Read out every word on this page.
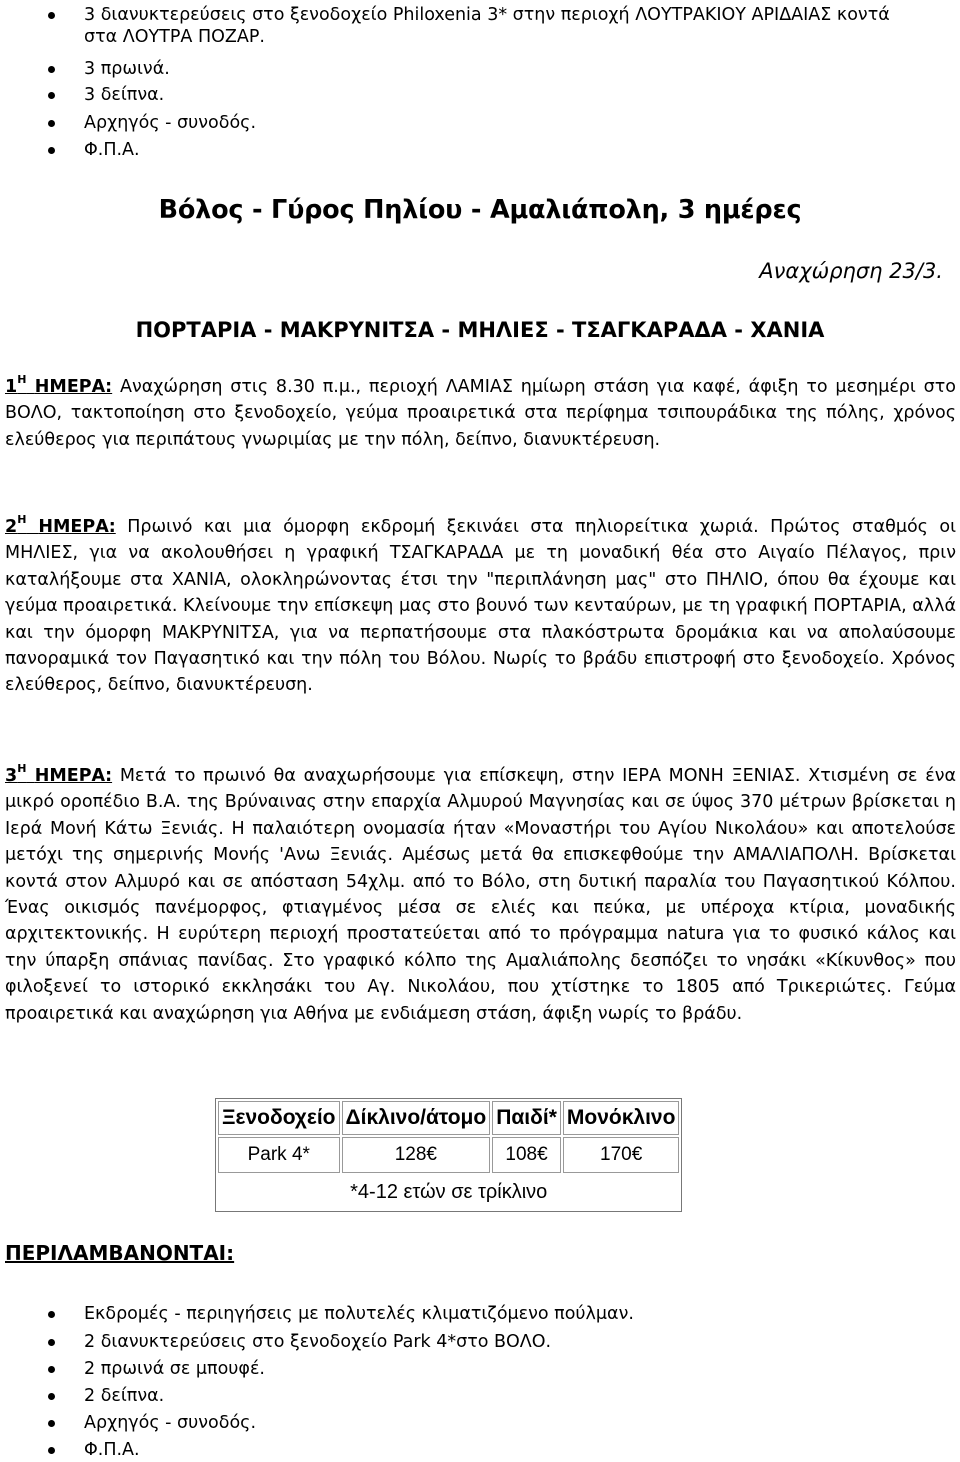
3 διανυκτερεύσεις στο ξενοδοχείο Philoxenia 3* στην περιοχή ΛΟΥΤΡΑΚΙΟΥ ΑΡΙΔΑΙΑΣ κοντά
στα ΛΟΥΤΡΑ ΠΟΖΑΡ.
3 πρωινά.
3 δείπνα.
Αρχηγός - συνοδός.
Φ.Π.Α.
Βόλος - Γύρος Πηλίου - Αμαλιάπολη, 3 ημέρες
Αναχώρηση 23/3.
ΠΟΡΤΑΡΙΑ - ΜΑΚΡΥΝΙΤΣΑ - ΜΗΛΙΕΣ - ΤΣΑΓΚΑΡΑΔΑ - ΧΑΝΙΑ
$1^H$ ΗΜΕΡΑ: Αναχώρηση στις 8.30 π.μ., περιοχή ΛΑΜΙΑΣ ημίωρη στάση για καφέ, άφιξη το μεσημέρι στο ΒΟΛΟ, τακτοποίηση στο ξενοδοχείο, γεύμα προαιρετικά στα περίφημα τσιπουράδικα της πόλης, χρόνος ελεύθερος για περιπάτους γνωριμίας με την πόλη, δείπνο, διανυκτέρευση.
$2^H$ ΗΜΕΡΑ: Πρωινό και μια όμορφη εκδρομή ξεκινάει στα πηλιορείτικα χωριά. Πρώτος σταθμός οι ΜΗΛΙΕΣ, για να ακολουθήσει η γραφική ΤΣΑΓΚΑΡΑΔΑ με τη μοναδική θέα στο Αιγαίο Πέλαγος, πριν καταλήξουμε στα ΧΑΝΙΑ, ολοκληρώνοντας έτσι την "περιπλάνηση μας" στο ΠΗΛΙΟ, όπου θα έχουμε και γεύμα προαιρετικά. Κλείνουμε την επίσκεψη μας στο βουνό των κενταύρων, με τη γραφική ΠΟΡΤΑΡΙΑ, αλλά και την όμορφη ΜΑΚΡΥΝΙΤΣΑ, για να περπατήσουμε στα πλακόστρωτα δρομάκια και να απολαύσουμε πανοραμικά τον Παγασητικό και την πόλη του Βόλου. Νωρίς το βράδυ επιστροφή στο ξενοδοχείο. Χρόνος ελεύθερος, δείπνο, διανυκτέρευση.
$3^H$ ΗΜΕΡΑ: Μετά το πρωινό θα αναχωρήσουμε για επίσκεψη, στην ΙΕΡΑ ΜΟΝΗ ΞΕΝΙΑΣ. Χτισμένη σε ένα μικρό οροπέδιο Β.Α. της Βρύναινας στην επαρχία Αλμυρού Μαγνησίας και σε ύψος 370 μέτρων βρίσκεται η Ιερά Μονή Κάτω Ξενιάς. Η παλαιότερη ονομασία ήταν «Μοναστήρι του Αγίου Νικολάου» και αποτελούσε μετόχι της σημερινής Μονής 'Ανω Ξενιάς. Αμέσως μετά θα επισκεφθούμε την ΑΜΑΛΙΑΠΟΛΗ. Βρίσκεται κοντά στον Αλμυρό και σε απόσταση 54χλμ. από το Βόλο, στη δυτική παραλία του Παγασητικού Κόλπου. Ένας οικισμός πανέμορφος, φτιαγμένος μέσα σε ελιές και πεύκα, με υπέροχα κτίρια, μοναδικής αρχιτεκτονικής. Η ευρύτερη περιοχή προστατεύεται από το πρόγραμμα natura για το φυσικό κάλος και την ύπαρξη σπάνιας πανίδας. Στο γραφικό κόλπο της Αμαλιάπολης δεσπόζει το νησάκι «Κίκυνθος» που φιλοξενεί το ιστορικό εκκλησάκι του Αγ. Νικολάου, που χτίστηκε το 1805 από Τρικεριώτες. Γεύμα προαιρετικά και αναχώρηση για Αθήνα με ενδιάμεση στάση, άφιξη νωρίς το βράδυ.
Ξενοδοχείο	Δίκλινο/άτομο	Παιδί*	Μονόκλινο
Park 4*	128€	108€	170€
*4-12 ετών σε τρίκλινο			
ΠΕΡΙΛΑΜΒΑΝΟΝΤΑΙ:
Εκδρομές - περιηγήσεις με πολυτελές κλιματιζόμενο πούλμαν.
2 διανυκτερεύσεις στο ξενοδοχείο Park 4*στο ΒΟΛΟ.
2 πρωινά σε μπουφέ.
2 δείπνα.
Αρχηγός - συνοδός.
Φ.Π.Α.
